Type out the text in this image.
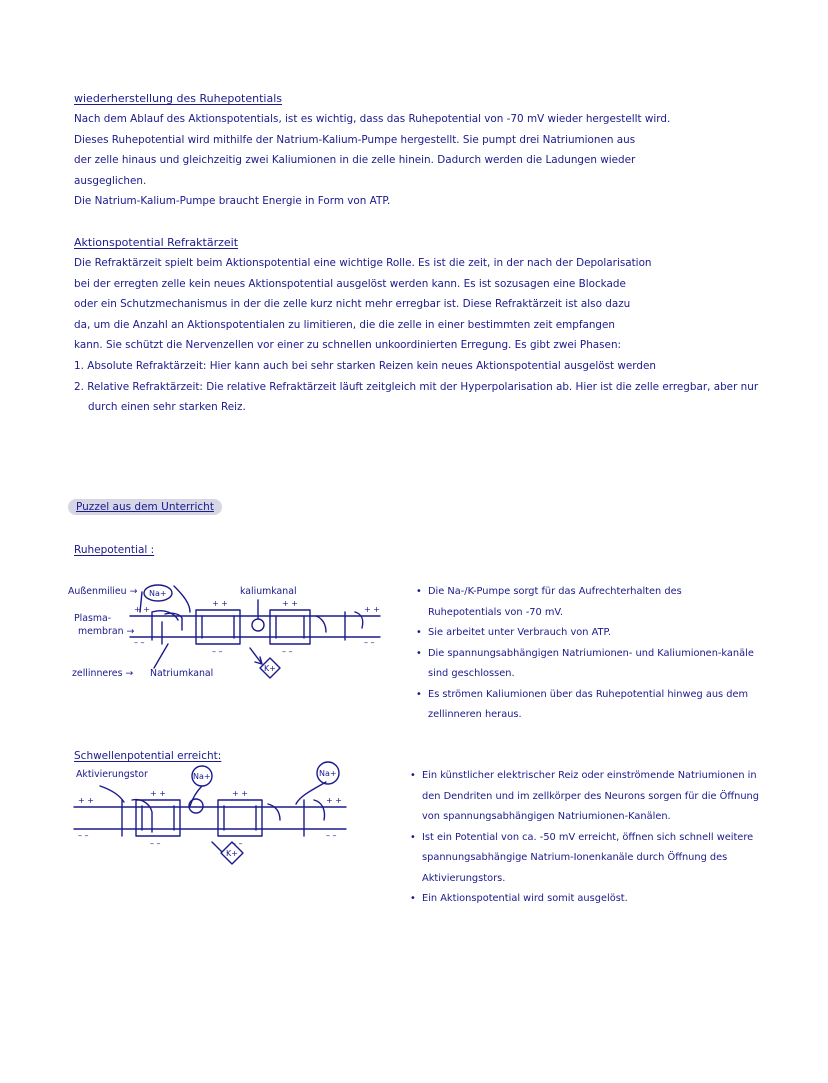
wiederherstellung des Ruhepotentials

Nach dem Ablauf des Aktionspotentials, ist es wichtig, dass das Ruhepotential von -70 mV wieder hergestellt wird.

Dieses Ruhepotential wird mithilfe der Natrium-Kalium-Pumpe hergestellt. Sie pumpt drei Natriumionen aus

der zelle hinaus und gleichzeitig zwei Kaliumionen in die zelle hinein. Dadurch werden die Ladungen wieder

ausgeglichen.

Die Natrium-Kalium-Pumpe braucht Energie in Form von ATP.

Aktionspotential Refraktärzeit

Die Refraktärzeit spielt beim Aktionspotential eine wichtige Rolle. Es ist die zeit, in der nach der Depolarisation

bei der erregten zelle kein neues Aktionspotential ausgelöst werden kann. Es ist sozusagen eine Blockade

oder ein Schutzmechanismus in der die zelle kurz nicht mehr erregbar ist. Diese Refraktärzeit ist also dazu

da, um die Anzahl an Aktionspotentialen zu limitieren, die die zelle in einer bestimmten zeit empfangen

kann. Sie schützt die Nervenzellen vor einer zu schnellen unkoordinierten Erregung. Es gibt zwei Phasen:

1. Absolute Refraktärzeit: Hier kann auch bei sehr starken Reizen kein neues Aktionspotential ausgelöst werden

2. Relative Refraktärzeit: Die relative Refraktärzeit läuft zeitgleich mit der Hyperpolarisation ab. Hier ist die zelle erregbar, aber nur durch einen sehr starken Reiz.

Puzzel aus dem Unterricht
Ruhepotential :
Außenmilieu →
Plasma-
membran →
zellinneres → Natriumkanal
kaliumkanal
+ +
+ +	+ +
+ +
– –
– –	– –
– –
Na+
K+
+ +
+ +	+ +
+ +
– –
– –	– –
– –
Na+	Na+
K+

• Die Na-/K-Pumpe sorgt für das Aufrechterhalten des Ruhepotentials von -70 mV.

• Sie arbeitet unter Verbrauch von ATP.

• Die spannungsabhängigen Natriumionen- und Kaliumionen-kanäle sind geschlossen.

• Es strömen Kaliumionen über das Ruhepotential hinweg aus dem zellinneren heraus.

Schwellenpotential erreicht:
Aktivierungstor

•	Ein künstlicher elektrischer Reiz oder einströmende Natriumionen in den Dendriten und im zellkörper des Neurons sorgen für die Öffnung von spannungsabhängigen Natriumionen-Kanälen.

• Ist ein Potential von ca. -50 mV erreicht, öffnen sich schnell weitere spannungsabhängige Natrium-Ionenkanäle durch Öffnung des Aktivierungstors.

• Ein Aktionspotential wird somit ausgelöst.
